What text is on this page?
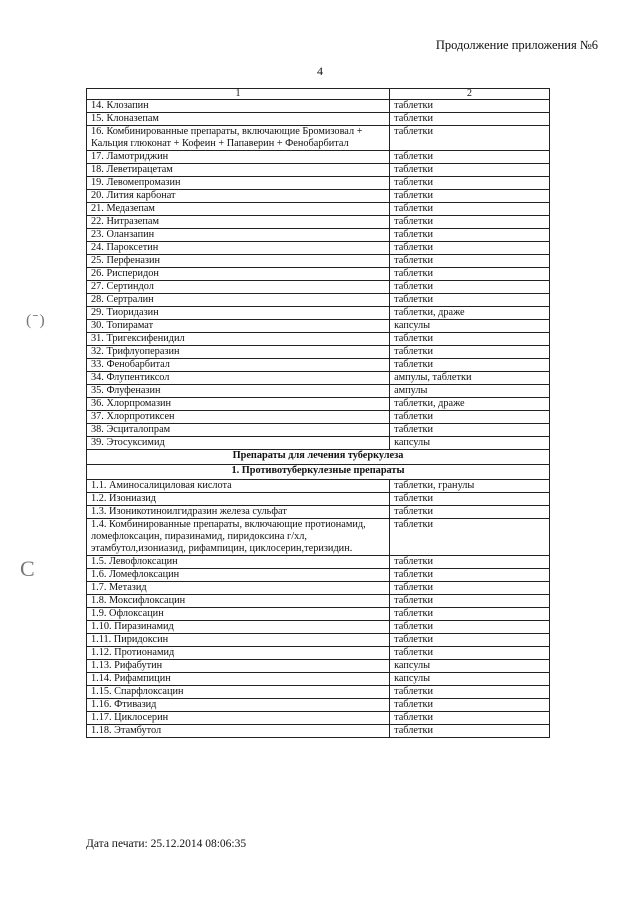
Продолжение приложения №6
4
(‎ ̄ )
C
1	2
14. Клозапин	таблетки
15. Клоназепам	таблетки
16. Комбинированные препараты, включающие Бромизовал + Кальция глюконат + Кофеин + Папаверин + Фенобарбитал	таблетки
17. Ламотриджин	таблетки
18. Леветирацетам	таблетки
19. Левомепромазин	таблетки
20. Лития карбонат	таблетки
21. Медазепам	таблетки
22. Нитразепам	таблетки
23. Оланзапин	таблетки
24. Пароксетин	таблетки
25. Перфеназин	таблетки
26. Рисперидон	таблетки
27. Сертиндол	таблетки
28. Сертралин	таблетки
29. Тиоридазин	таблетки, драже
30. Топирамат	капсулы
31. Тригексифенидил	таблетки
32. Трифлуоперазин	таблетки
33. Фенобарбитал	таблетки
34. Флупентиксол	ампулы, таблетки
35. Флуфеназин	ампулы
36. Хлорпромазин	таблетки, драже
37. Хлорпротиксен	таблетки
38. Эсциталопрам	таблетки
39. Этосуксимид	капсулы
Препараты для лечения туберкулеза	
1. Противотуберкулезные препараты	
1.1. Аминосалициловая кислота	таблетки, гранулы
1.2. Изониазид	таблетки
1.3. Изоникотиноилгидразин железа сульфат	таблетки
1.4. Комбинированные препараты, включающие протионамид, ломефлоксацин, пиразинамид, пиридоксина г/хл, этамбутол,изониазид, рифампицин, циклосерин,теризидин.	таблетки
1.5. Левофлоксацин	таблетки
1.6. Ломефлоксацин	таблетки
1.7. Метазид	таблетки
1.8. Моксифлоксацин	таблетки
1.9. Офлоксацин	таблетки
1.10. Пиразинамид	таблетки
1.11. Пиридоксин	таблетки
1.12. Протионамид	таблетки
1.13. Рифабутин	капсулы
1.14. Рифампицин	капсулы
1.15. Спарфлоксацин	таблетки
1.16. Фтивазид	таблетки
1.17. Циклосерин	таблетки
1.18. Этамбутол	таблетки
Дата печати: 25.12.2014 08:06:35
